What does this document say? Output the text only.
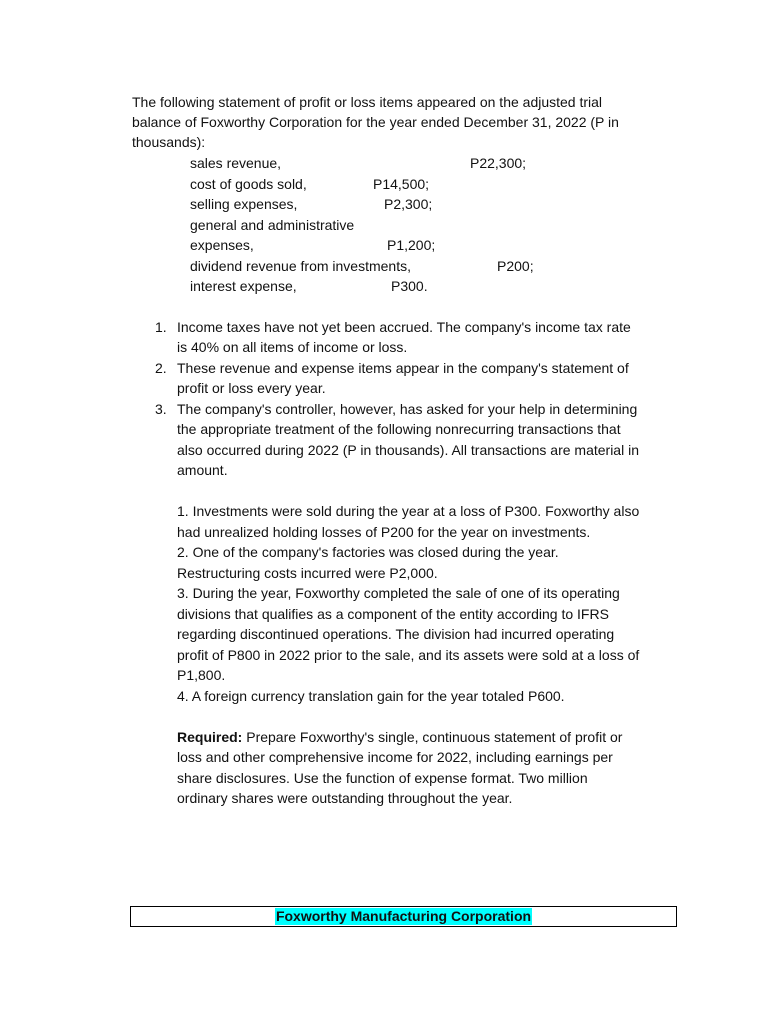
The following statement of profit or loss items appeared on the adjusted trial
balance of Foxworthy Corporation for the year ended December 31, 2022 (P in
thousands):
sales revenue,	P22,300;
cost of goods sold,	P14,500;
selling expenses,	P2,300;
general and administrative
expenses,	P1,200;
dividend revenue from investments,	P200;
interest expense,	P300.
1. Income taxes have not yet been accrued. The company's income tax rate
is 40% on all items of income or loss.
2. These revenue and expense items appear in the company's statement of
profit or loss every year.
3. The company's controller, however, has asked for your help in determining
the appropriate treatment of the following nonrecurring transactions that
also occurred during 2022 (P in thousands). All transactions are material in
amount.
1. Investments were sold during the year at a loss of P300. Foxworthy also
had unrealized holding losses of P200 for the year on investments.
2. One of the company's factories was closed during the year.
Restructuring costs incurred were P2,000.
3. During the year, Foxworthy completed the sale of one of its operating
divisions that qualifies as a component of the entity according to IFRS
regarding discontinued operations. The division had incurred operating
profit of P800 in 2022 prior to the sale, and its assets were sold at a loss of
P1,800.
4. A foreign currency translation gain for the year totaled P600.
Required: Prepare Foxworthy's single, continuous statement of profit or
loss and other comprehensive income for 2022, including earnings per
share disclosures. Use the function of expense format. Two million
ordinary shares were outstanding throughout the year.
Foxworthy Manufacturing Corporation
